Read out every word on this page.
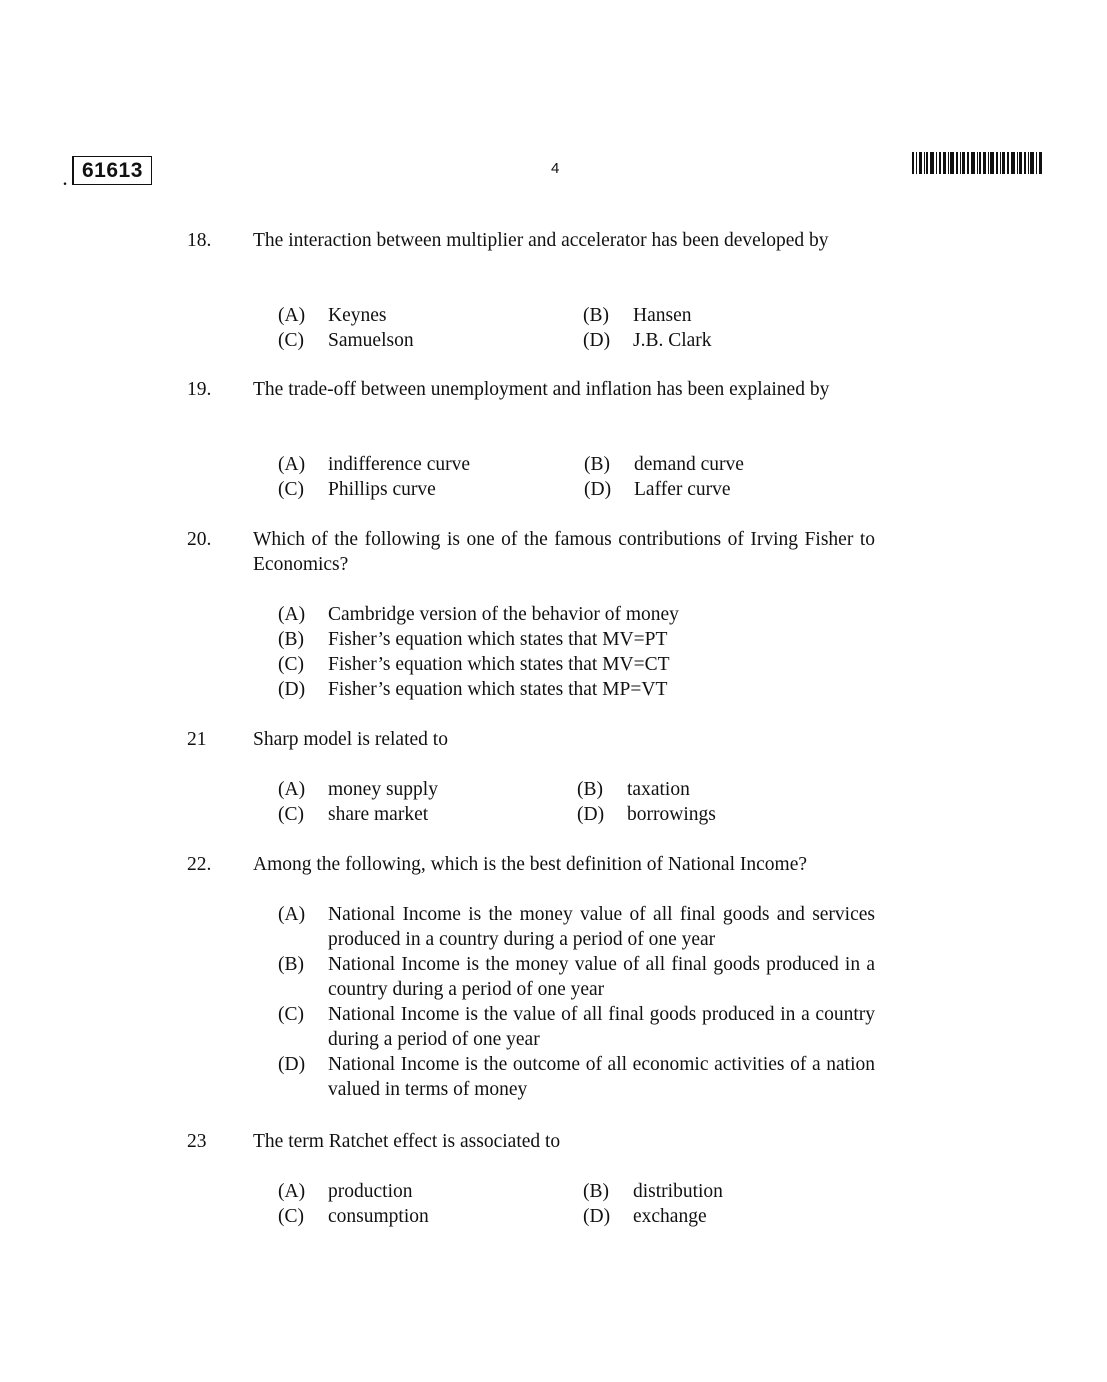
. 61613	4
18. The interaction between multiplier and accelerator has been developed by
(A) Keynes	(B) Hansen
(C) Samuelson	(D) J.B. Clark
19. The trade-off between unemployment and inflation has been explained by
(A) indifference curve	(B) demand curve
(C) Phillips curve	(D) Laffer curve
20. Which of the following is one of the famous contributions of Irving Fisher to Economics?
(A)	Cambridge version of the behavior of money
(B)	Fisher’s equation which states that MV=PT
(C)	Fisher’s equation which states that MV=CT
(D)	Fisher’s equation which states that MP=VT
21 Sharp model is related to
(A) money supply	(B) taxation
(C) share market	(D) borrowings
22. Among the following, which is the best definition of National Income?
(A)	National Income is the money value of all final goods and services produced in a country during a period of one year
(B)	National Income is the money value of all final goods produced in a country during a period of one year
(C)	National Income is the value of all final goods produced in a country during a period of one year
(D)	National Income is the outcome of all economic activities of a nation valued in terms of money
23 The term Ratchet effect is associated to
(A) production	(B) distribution
(C) consumption	(D) exchange
